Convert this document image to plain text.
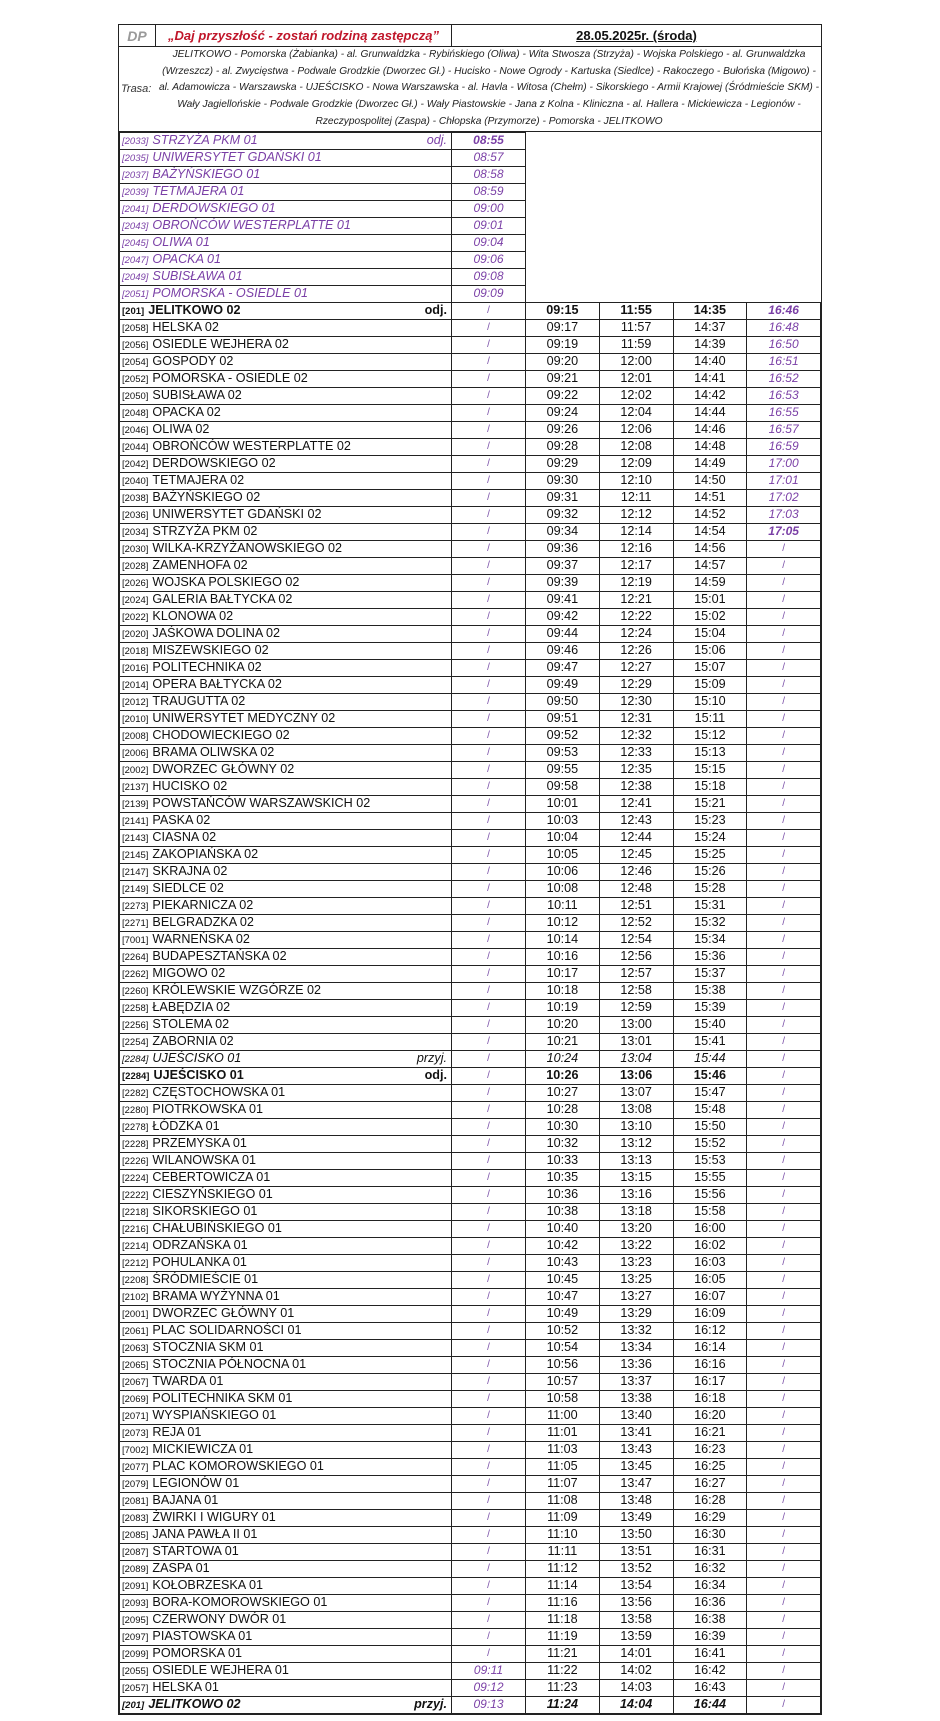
DP	„Daj przyszłość - zostań rodziną zastępczą”	28.05.2025r. (środa)
Trasa:
JELITKOWO - Pomorska (Żabianka) - al. Grunwaldzka - Rybińskiego (Oliwa) - Wita Stwosza (Strzyża) - Wojska Polskiego - al. Grunwaldzka (Wrzeszcz) - al. Zwycięstwa - Podwale Grodzkie (Dworzec Gł.) - Hucisko - Nowe Ogrody - Kartuska (Siedlce) - Rakoczego - Bułońska (Migowo) - al. Adamowicza - Warszawska - UJEŚCISKO - Nowa Warszawska - al. Havla - Witosa (Chełm) - Sikorskiego - Armii Krajowej (Śródmieście SKM) - Wały Jagiellońskie - Podwale Grodzkie (Dworzec Gł.) - Wały Piastowskie - Jana z Kolna - Kliniczna - al. Hallera - Mickiewicza - Legionów - Rzeczypospolitej (Zaspa) - Chłopska (Przymorze) - Pomorska - JELITKOWO
[2033] STRZYŻA PKM 01 odj.	08:55				
[2035] UNIWERSYTET GDAŃSKI 01	08:57				
[2037] BAŻYŃSKIEGO 01	08:58				
[2039] TETMAJERA 01	08:59				
[2041] DERDOWSKIEGO 01	09:00				
[2043] OBROŃCÓW WESTERPLATTE 01	09:01				
[2045] OLIWA 01	09:04				
[2047] OPACKA 01	09:06				
[2049] SUBISŁAWA 01	09:08				
[2051] POMORSKA - OSIEDLE 01	09:09				
[201] JELITKOWO 02 odj.	/	09:15	11:55	14:35	16:46
[2058] HELSKA 02	/	09:17	11:57	14:37	16:48
[2056] OSIEDLE WEJHERA 02	/	09:19	11:59	14:39	16:50
[2054] GOSPODY 02	/	09:20	12:00	14:40	16:51
[2052] POMORSKA - OSIEDLE 02	/	09:21	12:01	14:41	16:52
[2050] SUBISŁAWA 02	/	09:22	12:02	14:42	16:53
[2048] OPACKA 02	/	09:24	12:04	14:44	16:55
[2046] OLIWA 02	/	09:26	12:06	14:46	16:57
[2044] OBROŃCÓW WESTERPLATTE 02	/	09:28	12:08	14:48	16:59
[2042] DERDOWSKIEGO 02	/	09:29	12:09	14:49	17:00
[2040] TETMAJERA 02	/	09:30	12:10	14:50	17:01
[2038] BAŻYŃSKIEGO 02	/	09:31	12:11	14:51	17:02
[2036] UNIWERSYTET GDAŃSKI 02	/	09:32	12:12	14:52	17:03
[2034] STRZYŻA PKM 02	/	09:34	12:14	14:54	17:05
[2030] WILKA-KRZYŻANOWSKIEGO 02	/	09:36	12:16	14:56	/
[2028] ZAMENHOFA 02	/	09:37	12:17	14:57	/
[2026] WOJSKA POLSKIEGO 02	/	09:39	12:19	14:59	/
[2024] GALERIA BAŁTYCKA 02	/	09:41	12:21	15:01	/
[2022] KLONOWA 02	/	09:42	12:22	15:02	/
[2020] JAŚKOWA DOLINA 02	/	09:44	12:24	15:04	/
[2018] MISZEWSKIEGO 02	/	09:46	12:26	15:06	/
[2016] POLITECHNIKA 02	/	09:47	12:27	15:07	/
[2014] OPERA BAŁTYCKA 02	/	09:49	12:29	15:09	/
[2012] TRAUGUTTA 02	/	09:50	12:30	15:10	/
[2010] UNIWERSYTET MEDYCZNY 02	/	09:51	12:31	15:11	/
[2008] CHODOWIECKIEGO 02	/	09:52	12:32	15:12	/
[2006] BRAMA OLIWSKA 02	/	09:53	12:33	15:13	/
[2002] DWORZEC GŁÓWNY 02	/	09:55	12:35	15:15	/
[2137] HUCISKO 02	/	09:58	12:38	15:18	/
[2139] POWSTAŃCÓW WARSZAWSKICH 02	/	10:01	12:41	15:21	/
[2141] PASKA 02	/	10:03	12:43	15:23	/
[2143] CIASNA 02	/	10:04	12:44	15:24	/
[2145] ZAKOPIAŃSKA 02	/	10:05	12:45	15:25	/
[2147] SKRAJNA 02	/	10:06	12:46	15:26	/
[2149] SIEDLCE 02	/	10:08	12:48	15:28	/
[2273] PIEKARNICZA 02	/	10:11	12:51	15:31	/
[2271] BELGRADZKA 02	/	10:12	12:52	15:32	/
[7001] WARNEŃSKA 02	/	10:14	12:54	15:34	/
[2264] BUDAPESZTAŃSKA 02	/	10:16	12:56	15:36	/
[2262] MIGOWO 02	/	10:17	12:57	15:37	/
[2260] KRÓLEWSKIE WZGÓRZE 02	/	10:18	12:58	15:38	/
[2258] ŁABĘDZIA 02	/	10:19	12:59	15:39	/
[2256] STOLEMA 02	/	10:20	13:00	15:40	/
[2254] ZABORNIA 02	/	10:21	13:01	15:41	/
[2284] UJEŚCISKO 01 przyj.	/	10:24	13:04	15:44	/
[2284] UJEŚCISKO 01 odj.	/	10:26	13:06	15:46	/
[2282] CZĘSTOCHOWSKA 01	/	10:27	13:07	15:47	/
[2280] PIOTRKOWSKA 01	/	10:28	13:08	15:48	/
[2278] ŁÓDZKA 01	/	10:30	13:10	15:50	/
[2228] PRZEMYSKA 01	/	10:32	13:12	15:52	/
[2226] WILANOWSKA 01	/	10:33	13:13	15:53	/
[2224] CEBERTOWICZA 01	/	10:35	13:15	15:55	/
[2222] CIESZYŃSKIEGO 01	/	10:36	13:16	15:56	/
[2218] SIKORSKIEGO 01	/	10:38	13:18	15:58	/
[2216] CHAŁUBIŃSKIEGO 01	/	10:40	13:20	16:00	/
[2214] ODRZAŃSKA 01	/	10:42	13:22	16:02	/
[2212] POHULANKA 01	/	10:43	13:23	16:03	/
[2208] ŚRÓDMIEŚCIE 01	/	10:45	13:25	16:05	/
[2102] BRAMA WYŻYNNA 01	/	10:47	13:27	16:07	/
[2001] DWORZEC GŁÓWNY 01	/	10:49	13:29	16:09	/
[2061] PLAC SOLIDARNOŚCI 01	/	10:52	13:32	16:12	/
[2063] STOCZNIA SKM 01	/	10:54	13:34	16:14	/
[2065] STOCZNIA PÓŁNOCNA 01	/	10:56	13:36	16:16	/
[2067] TWARDA 01	/	10:57	13:37	16:17	/
[2069] POLITECHNIKA SKM 01	/	10:58	13:38	16:18	/
[2071] WYSPIAŃSKIEGO 01	/	11:00	13:40	16:20	/
[2073] REJA 01	/	11:01	13:41	16:21	/
[7002] MICKIEWICZA 01	/	11:03	13:43	16:23	/
[2077] PLAC KOMOROWSKIEGO 01	/	11:05	13:45	16:25	/
[2079] LEGIONÓW 01	/	11:07	13:47	16:27	/
[2081] BAJANA 01	/	11:08	13:48	16:28	/
[2083] ŻWIRKI I WIGURY 01	/	11:09	13:49	16:29	/
[2085] JANA PAWŁA II 01	/	11:10	13:50	16:30	/
[2087] STARTOWA 01	/	11:11	13:51	16:31	/
[2089] ZASPA 01	/	11:12	13:52	16:32	/
[2091] KOŁOBRZESKA 01	/	11:14	13:54	16:34	/
[2093] BORA-KOMOROWSKIEGO 01	/	11:16	13:56	16:36	/
[2095] CZERWONY DWÓR 01	/	11:18	13:58	16:38	/
[2097] PIASTOWSKA 01	/	11:19	13:59	16:39	/
[2099] POMORSKA 01	/	11:21	14:01	16:41	/
[2055] OSIEDLE WEJHERA 01	09:11	11:22	14:02	16:42	/
[2057] HELSKA 01	09:12	11:23	14:03	16:43	/
[201] JELITKOWO 02 przyj.	09:13	11:24	14:04	16:44	/
